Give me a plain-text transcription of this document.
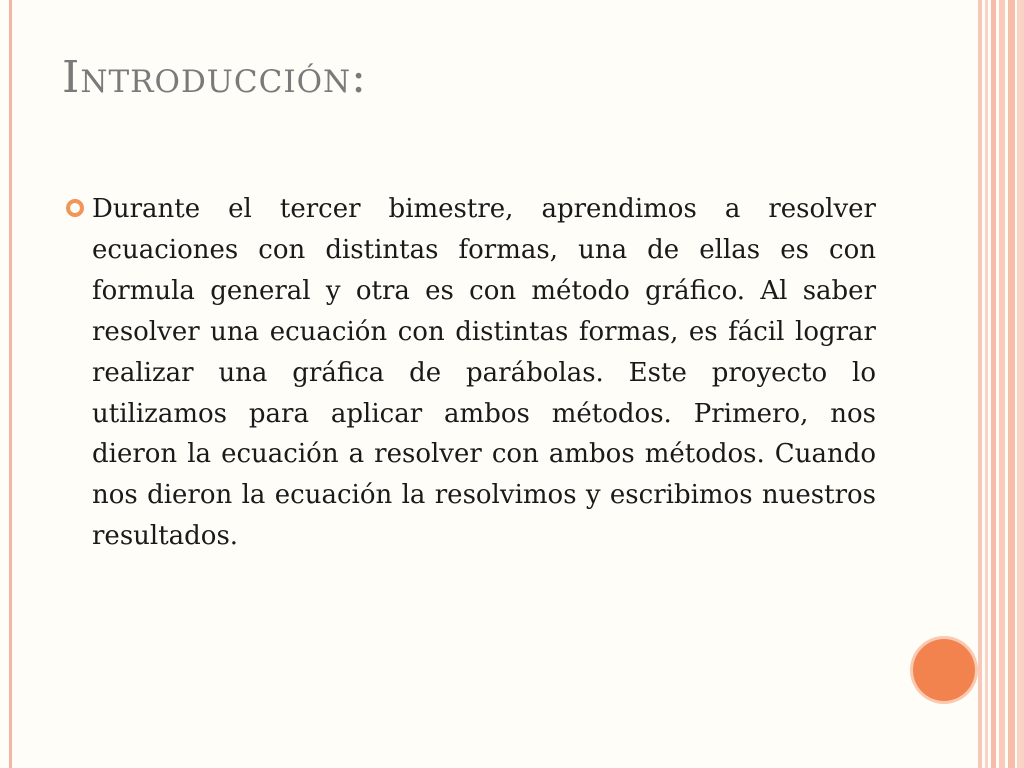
Introducción:

Durante el tercer bimestre, aprendimos a resolver ecuaciones con distintas formas, una de ellas es con formula general y otra es con método gráfico. Al saber resolver una ecuación con distintas formas, es fácil lograr realizar una gráfica de parábolas. Este proyecto lo utilizamos para aplicar ambos métodos. Primero, nos dieron la ecuación a resolver con ambos métodos. Cuando nos dieron la ecuación la resolvimos y escribimos nuestros resultados.
